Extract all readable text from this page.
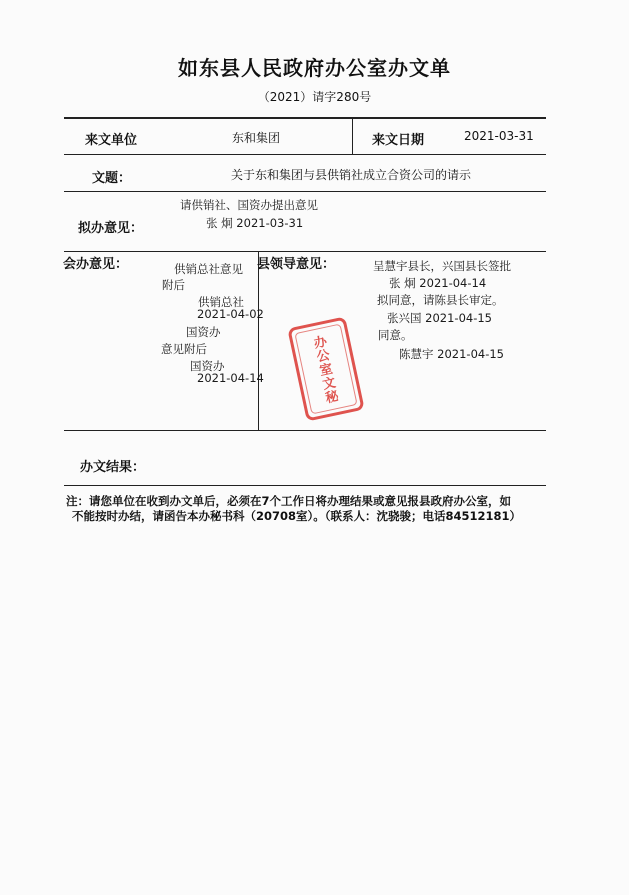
如东县人民政府办公室办文单
（2021）请字280号
来文单位	东和集团	来文日期	2021-03-31
文题：	关于东和集团与县供销社成立合资公司的请示
请供销社、国资办提出意见
拟办意见：	张 炯 2021-03-31
会办意见：	供销总社意见
附后
供销总社
2021-04-02
国资办
意见附后
国资办
2021-04-14
县领导意见：	呈慧宇县长，兴国县长签批
张 炯 2021-04-14
拟同意，请陈县长审定。
张兴国 2021-04-15
同意。
陈慧宇 2021-04-15
办
公
室
文
秘
办文结果：
注：请您单位在收到办文单后，必须在7个工作日将办理结果或意见报县政府办公室，如
不能按时办结，请函告本办秘书科（20708室）。（联系人：沈骁骏；电话84512181）
